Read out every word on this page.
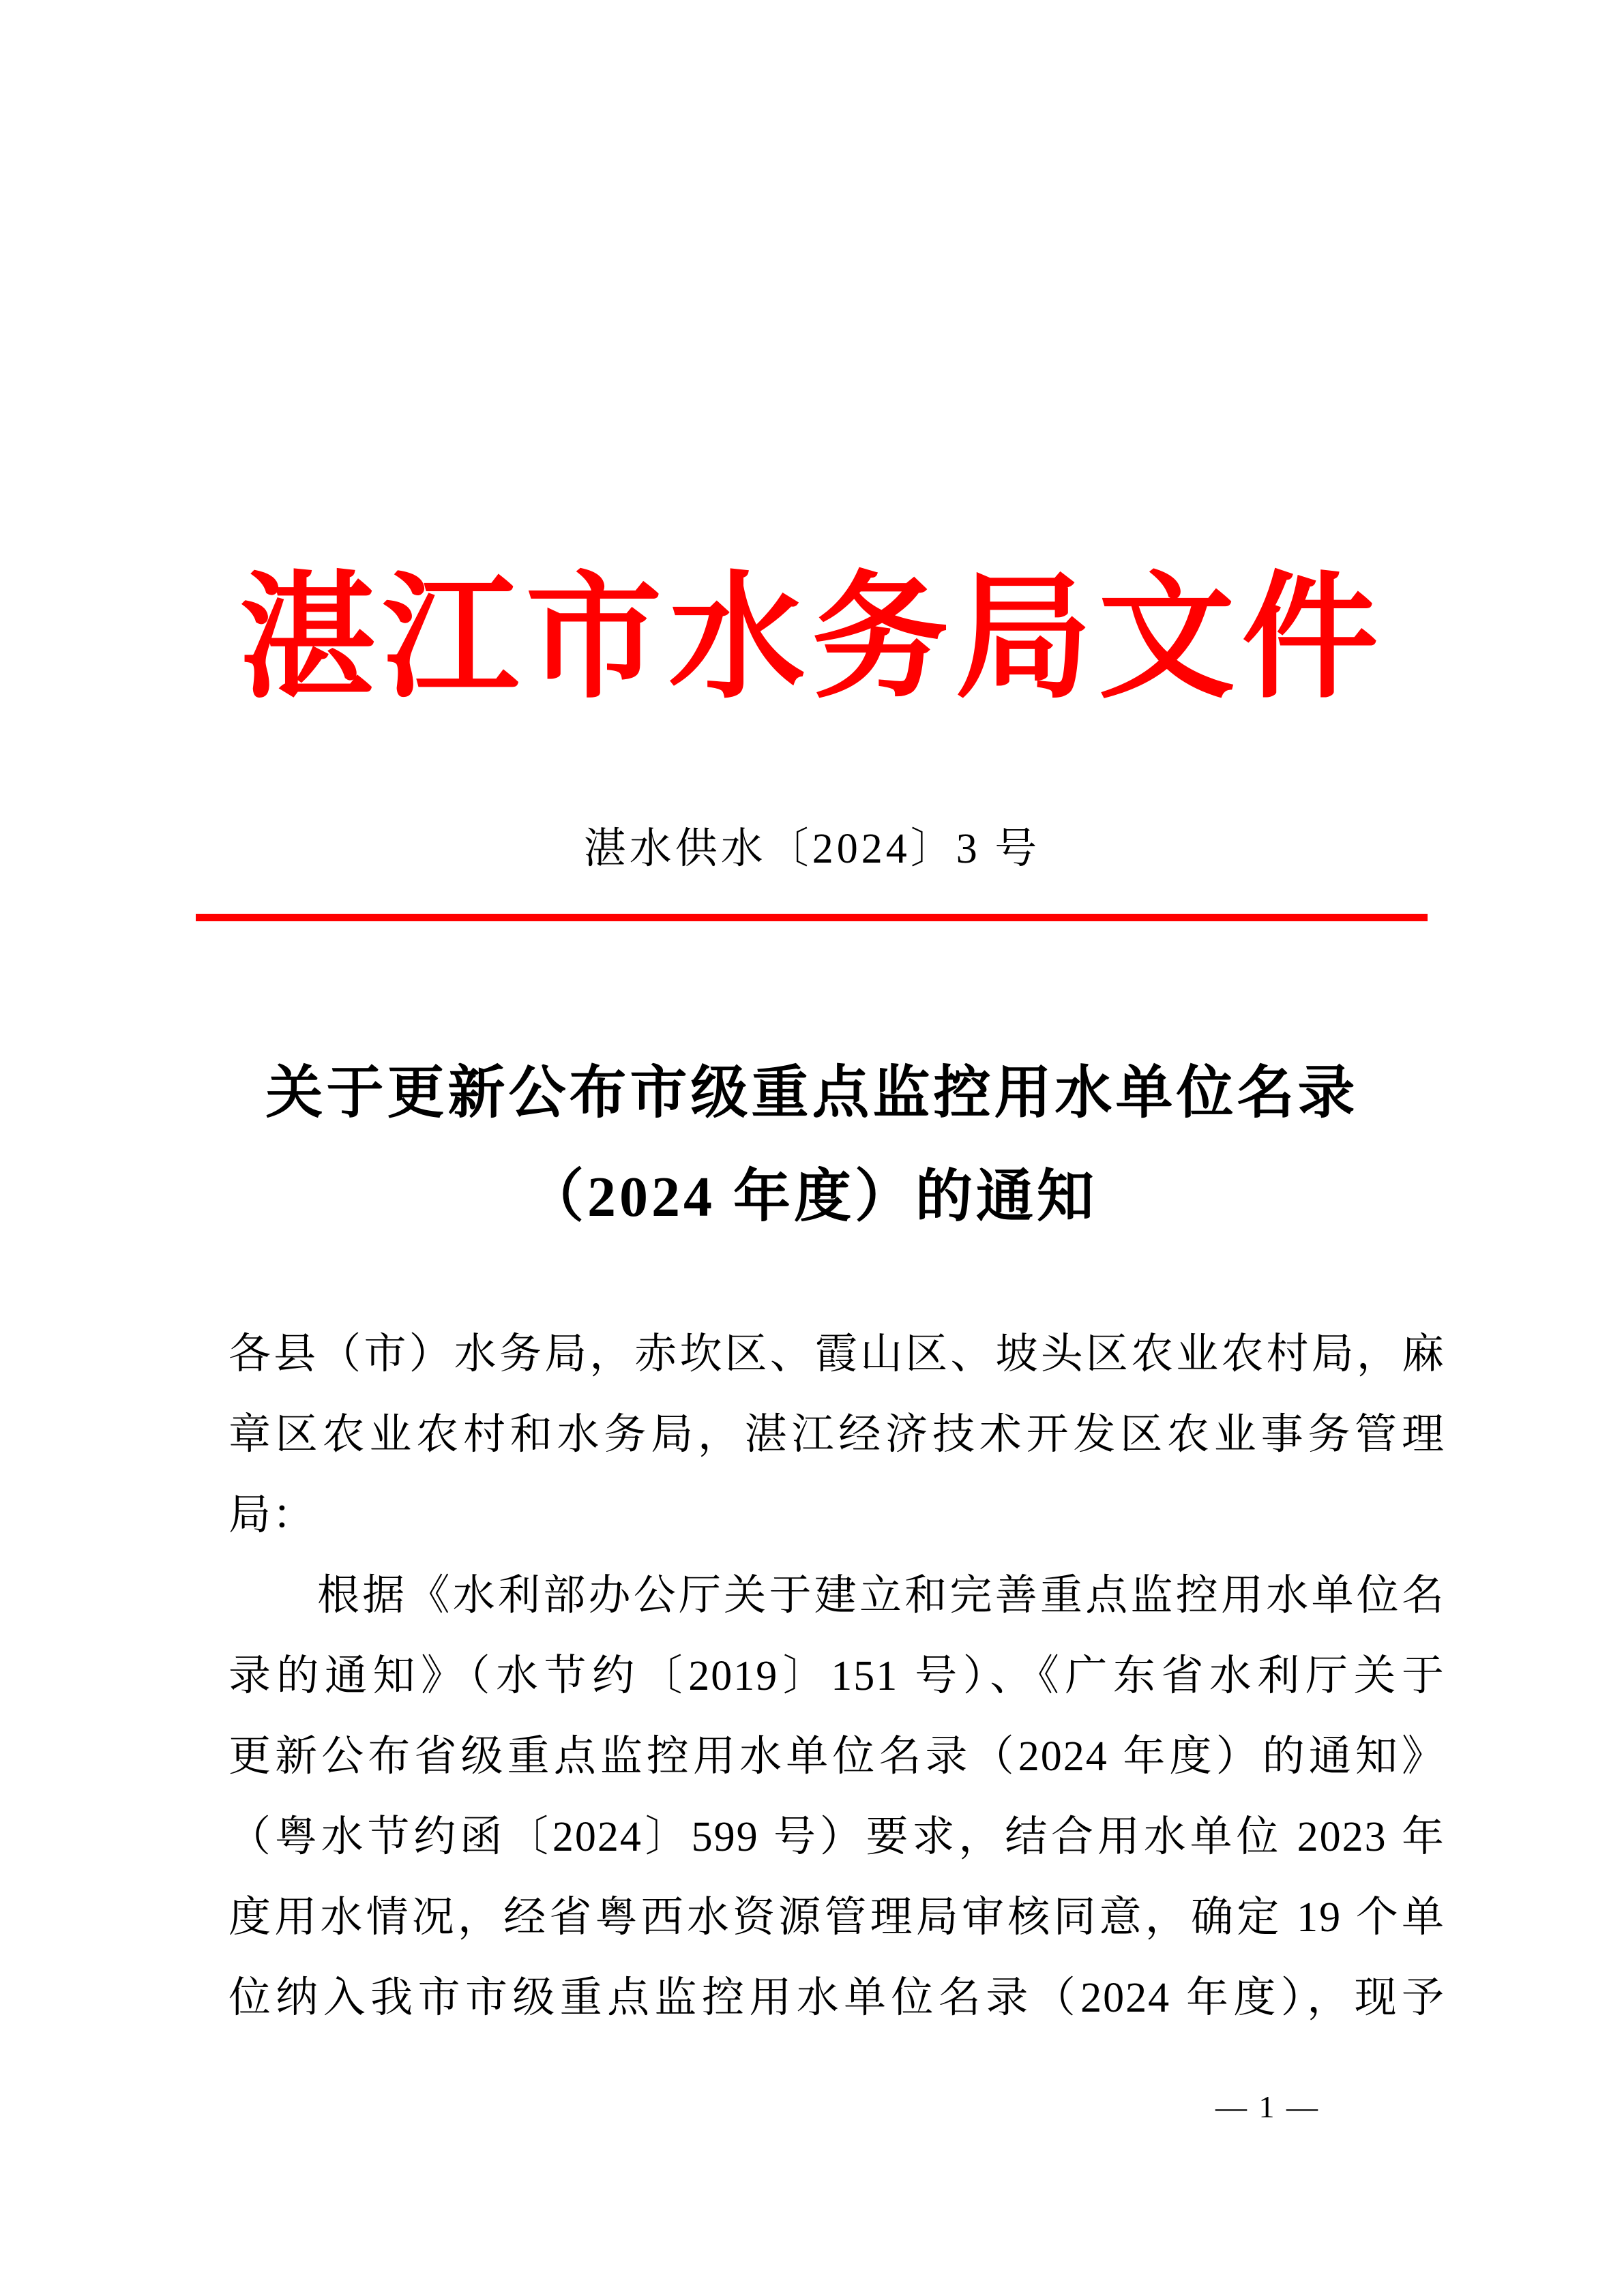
湛江市水务局文件
湛水供水〔2024〕3 号
关于更新公布市级重点监控用水单位名录
（2024 年度）的通知
各县（市）水务局，赤坎区、霞山区、坡头区农业农村局，麻
章区农业农村和水务局，湛江经济技术开发区农业事务管理
局：
根据《水利部办公厅关于建立和完善重点监控用水单位名
录的通知》（水节约〔2019〕151 号）、《广东省水利厅关于
更新公布省级重点监控用水单位名录（2024 年度）的通知》
（粤水节约函〔2024〕599 号）要求，结合用水单位 2023 年
度用水情况，经省粤西水资源管理局审核同意，确定 19 个单
位纳入我市市级重点监控用水单位名录（2024 年度），现予
— 1 —
